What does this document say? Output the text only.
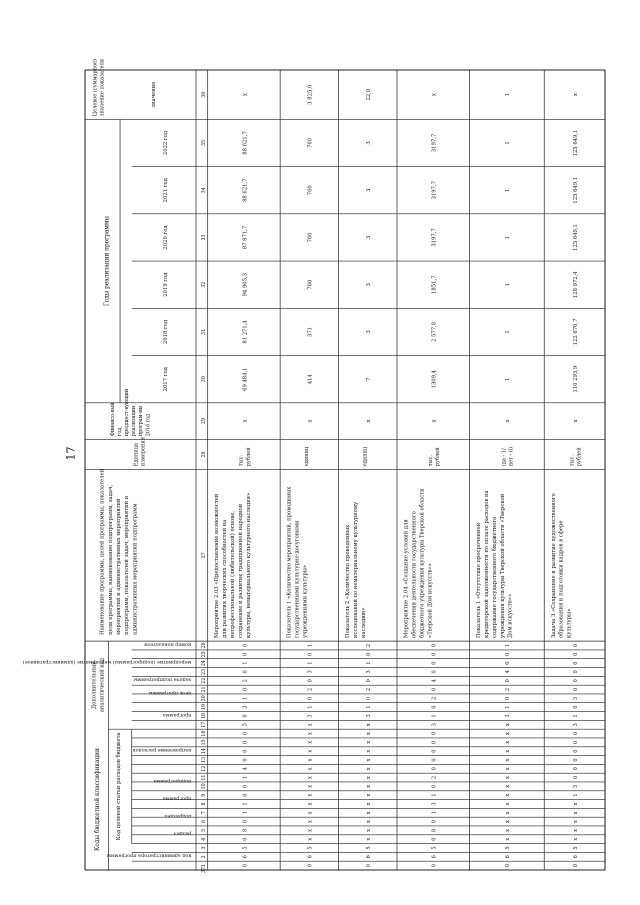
17
Коды бюджетной классификации
Дополнительный аналитический код
Код целевой статьи расходов бюджета
Годы реализации программы
Целевое (суммарное) значение показателя	значение
Наименование программы, целей программы, показателей цели программы, наименование подпрограмм, задач, мероприятий и административных мероприятий подпрограмм, показателей задач, мероприятий и административных мероприятий подпрограмм
Единица измерения
Финансо-вый год, предшест-вующий реализации програм-мы 2016 год
2017 год
2018 год
2019 год
2020 год
2021 год
2022 год
код администратора программы
раздел
подраздел
программа
подпрограмма
направление расходов
программа
цель программы
задача подпрограммы
мероприятие (подпрограммы) мероприятие (административное)
номер показателя
1
2
3
4
5
6
7
8
9
10
11
12
13
14
15
16
17
18
19
20
21
22
23
24
25
26
27
28
29
30
31
32
33
34
35
36
37
0
6
5
0
8
0
1
1
0
0
1
4
0
0
0
0
5
0
3
1
0
2
0
1
0
0
Мероприятие 2.03 «Предоставление возможностей для развития творческих способностей на непрофессиональной (любительской) основе, сохранение и развитие традиционной народной культуры, нематериального культурного наследия»
тыс. рублей
x
69 484,1
81 271,4
94 905,3
87 871,7
88 621,7
88 621,7
x
0
6
5
x
x
x
x
x
x
x
x
x
x
x
x
x
x
3
1
0
2
0
3
1
0
1
Показатель 1 «Количество мероприятий, проводимых государственными культурно-досуговыми учреждениями культуры»
единиц
x
414
371
760
760
760
760
3 825,0
0
6
5
x
x
x
x
x
x
x
x
x
x
x
x
x
x
3
1
0
2
0
3
1
0
2
Показатель 2 «Количество проведенных исследований по нематериальному культурному наследию»
единиц
x
7
3
3
3
3
3
22,0
0
6
5
0
8
0
1
3
1
0
2
0
0
0
0
0
3
1
0
2
0
4
0
0
0
0
Мероприятие 2.04 «Создание условий для обеспечения деятельности государственного бюджетного учреждения культуры Тверской области «Тверской Дом искусств»»
тыс. рублей
x
1309,4
2 577,8
1851,7
3197,7
3197,7
3197,7
x
0
6
5
x
x
x
x
x
x
x
x
x
x
x
x
x
x
3
1
0
2
0
4
0
0
1
Показатель 1 «Отсутствие просроченной кредиторской задолженности по оплате расходов на содержание государственного бюджетного учреждения культуры Тверской области «Тверской Дом искусств»»
(да - 1/ нет - 0)
x
1
1
1
1
1
1
1
0
6
5
x
x
x
x
x
1
3
0
0
0
0
0
0
3
1
0
3
0
0
0
0
0
0
Задача 3 «Сохранение и развитие художественного образования и подготовки кадров в сфере культуры»
тыс. рублей
x
110 293,9
122 676,7
128 972,4
125 649,1
125 649,1
125 649,1
x
